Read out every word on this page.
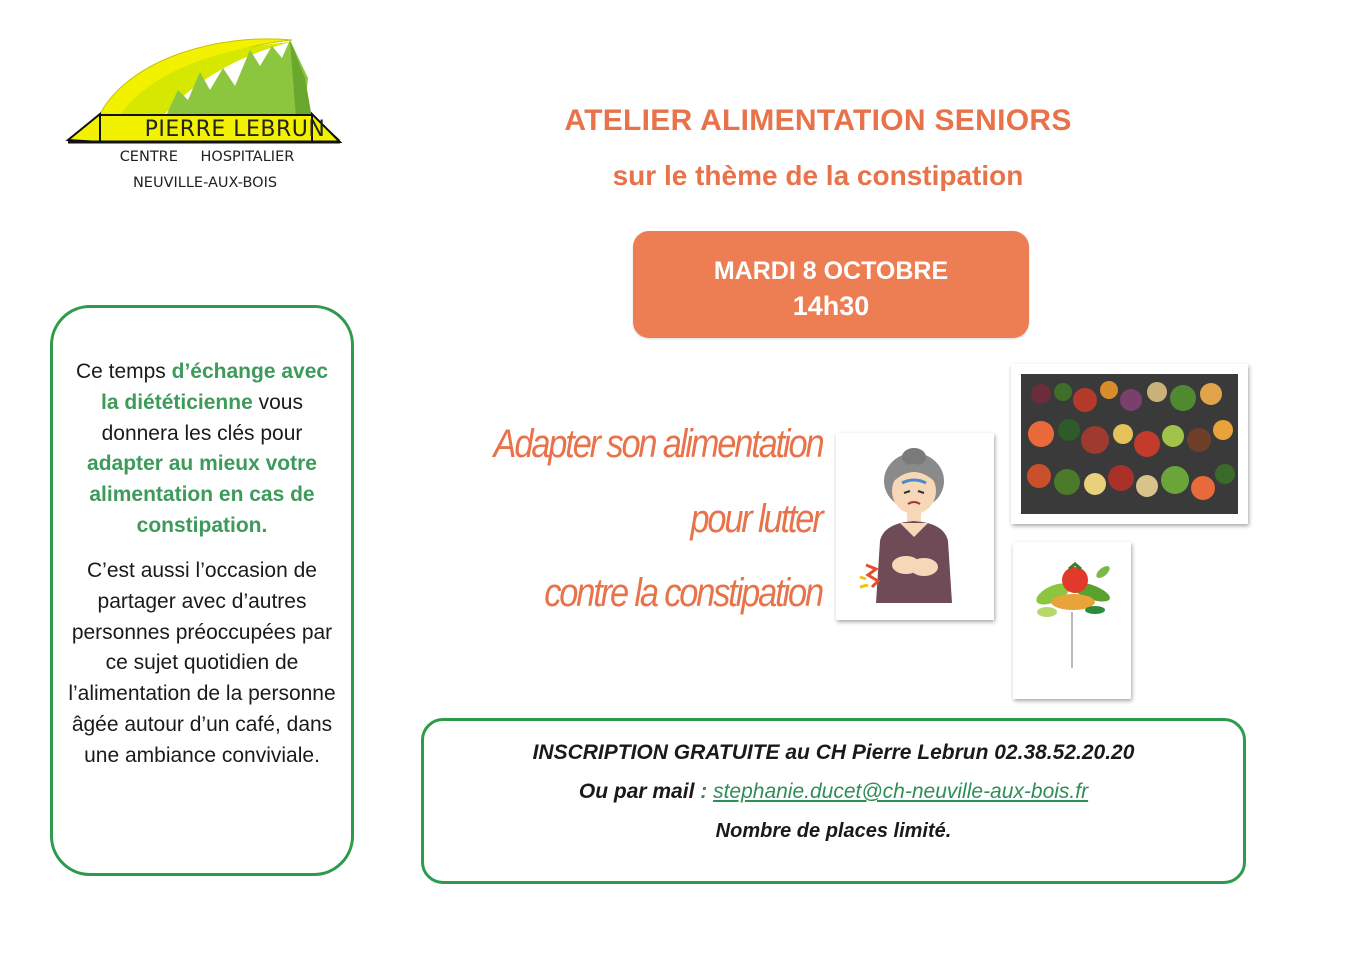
PIERRE LEBRUN
CENTRE HOSPITALIER
NEUVILLE-AUX-BOIS
ATELIER ALIMENTATION SENIORS
sur le thème de la constipation
MARDI 8 OCTOBRE
14h30
Ce temps d’échange avec la diététicienne vous donnera les clés pour adapter au mieux votre alimentation en cas de constipation.
C’est aussi l’occasion de partager avec d’autres personnes préoccupées par ce sujet quotidien de l’alimentation de la personne âgée autour d’un café, dans une ambiance conviviale.
Adapter son alimentation
pour lutter
contre la constipation
INSCRIPTION GRATUITE au CH Pierre Lebrun 02.38.52.20.20
Ou par mail : stephanie.ducet@ch-neuville-aux-bois.fr
Nombre de places limité.
